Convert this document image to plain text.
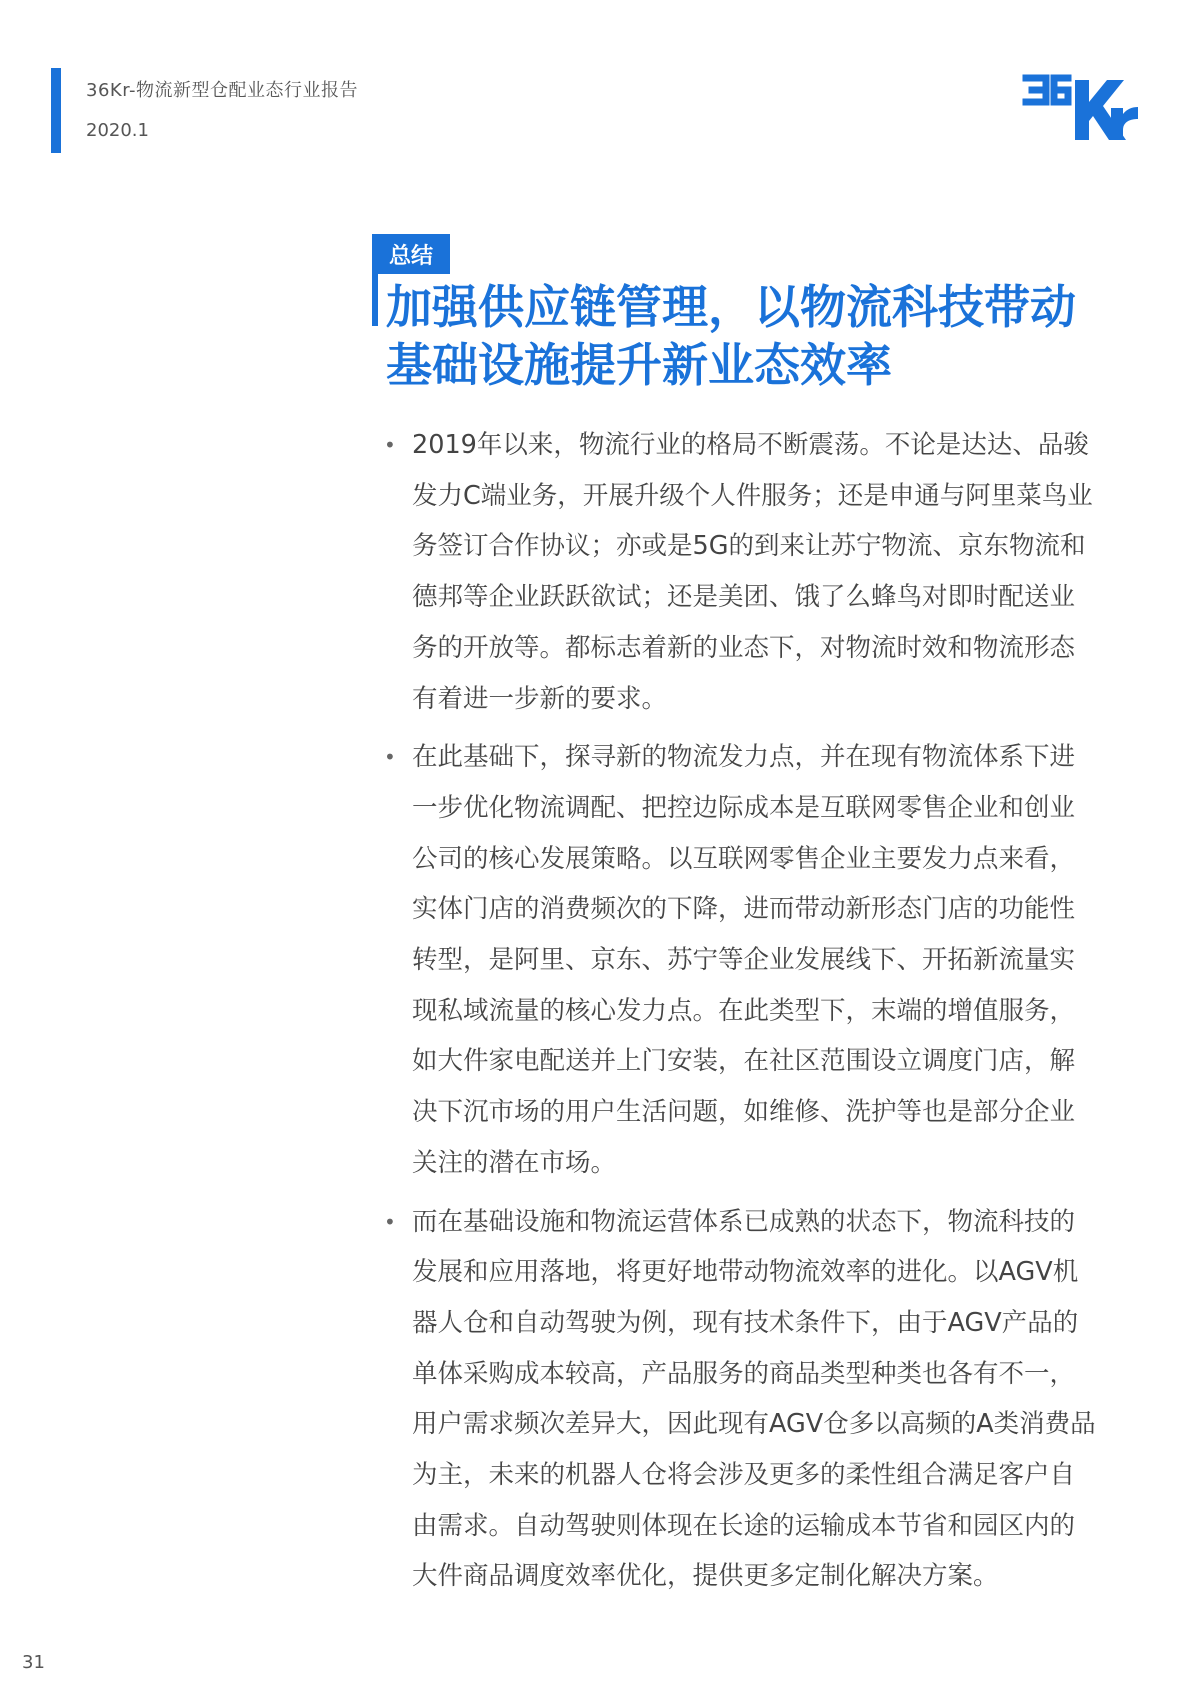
36Kr-物流新型仓配业态行业报告
2020.1
总结
加强供应链管理，以物流科技带动基础设施提升新业态效率
• 2019年以来，物流行业的格局不断震荡。不论是达达、品骏发力C端业务，开展升级个人件服务；还是申通与阿里菜鸟业务签订合作协议；亦或是5G的到来让苏宁物流、京东物流和德邦等企业跃跃欲试；还是美团、饿了么蜂鸟对即时配送业务的开放等。都标志着新的业态下，对物流时效和物流形态有着进一步新的要求。
• 在此基础下，探寻新的物流发力点，并在现有物流体系下进一步优化物流调配、把控边际成本是互联网零售企业和创业公司的核心发展策略。以互联网零售企业主要发力点来看，实体门店的消费频次的下降，进而带动新形态门店的功能性转型，是阿里、京东、苏宁等企业发展线下、开拓新流量实现私域流量的核心发力点。在此类型下，末端的增值服务，如大件家电配送并上门安装，在社区范围设立调度门店，解决下沉市场的用户生活问题，如维修、洗护等也是部分企业关注的潜在市场。
• 而在基础设施和物流运营体系已成熟的状态下，物流科技的发展和应用落地，将更好地带动物流效率的进化。以AGV机器人仓和自动驾驶为例，现有技术条件下，由于AGV产品的单体采购成本较高，产品服务的商品类型种类也各有不一，用户需求频次差异大，因此现有AGV仓多以高频的A类消费品为主，未来的机器人仓将会涉及更多的柔性组合满足客户自由需求。自动驾驶则体现在长途的运输成本节省和园区内的大件商品调度效率优化，提供更多定制化解决方案。
31
